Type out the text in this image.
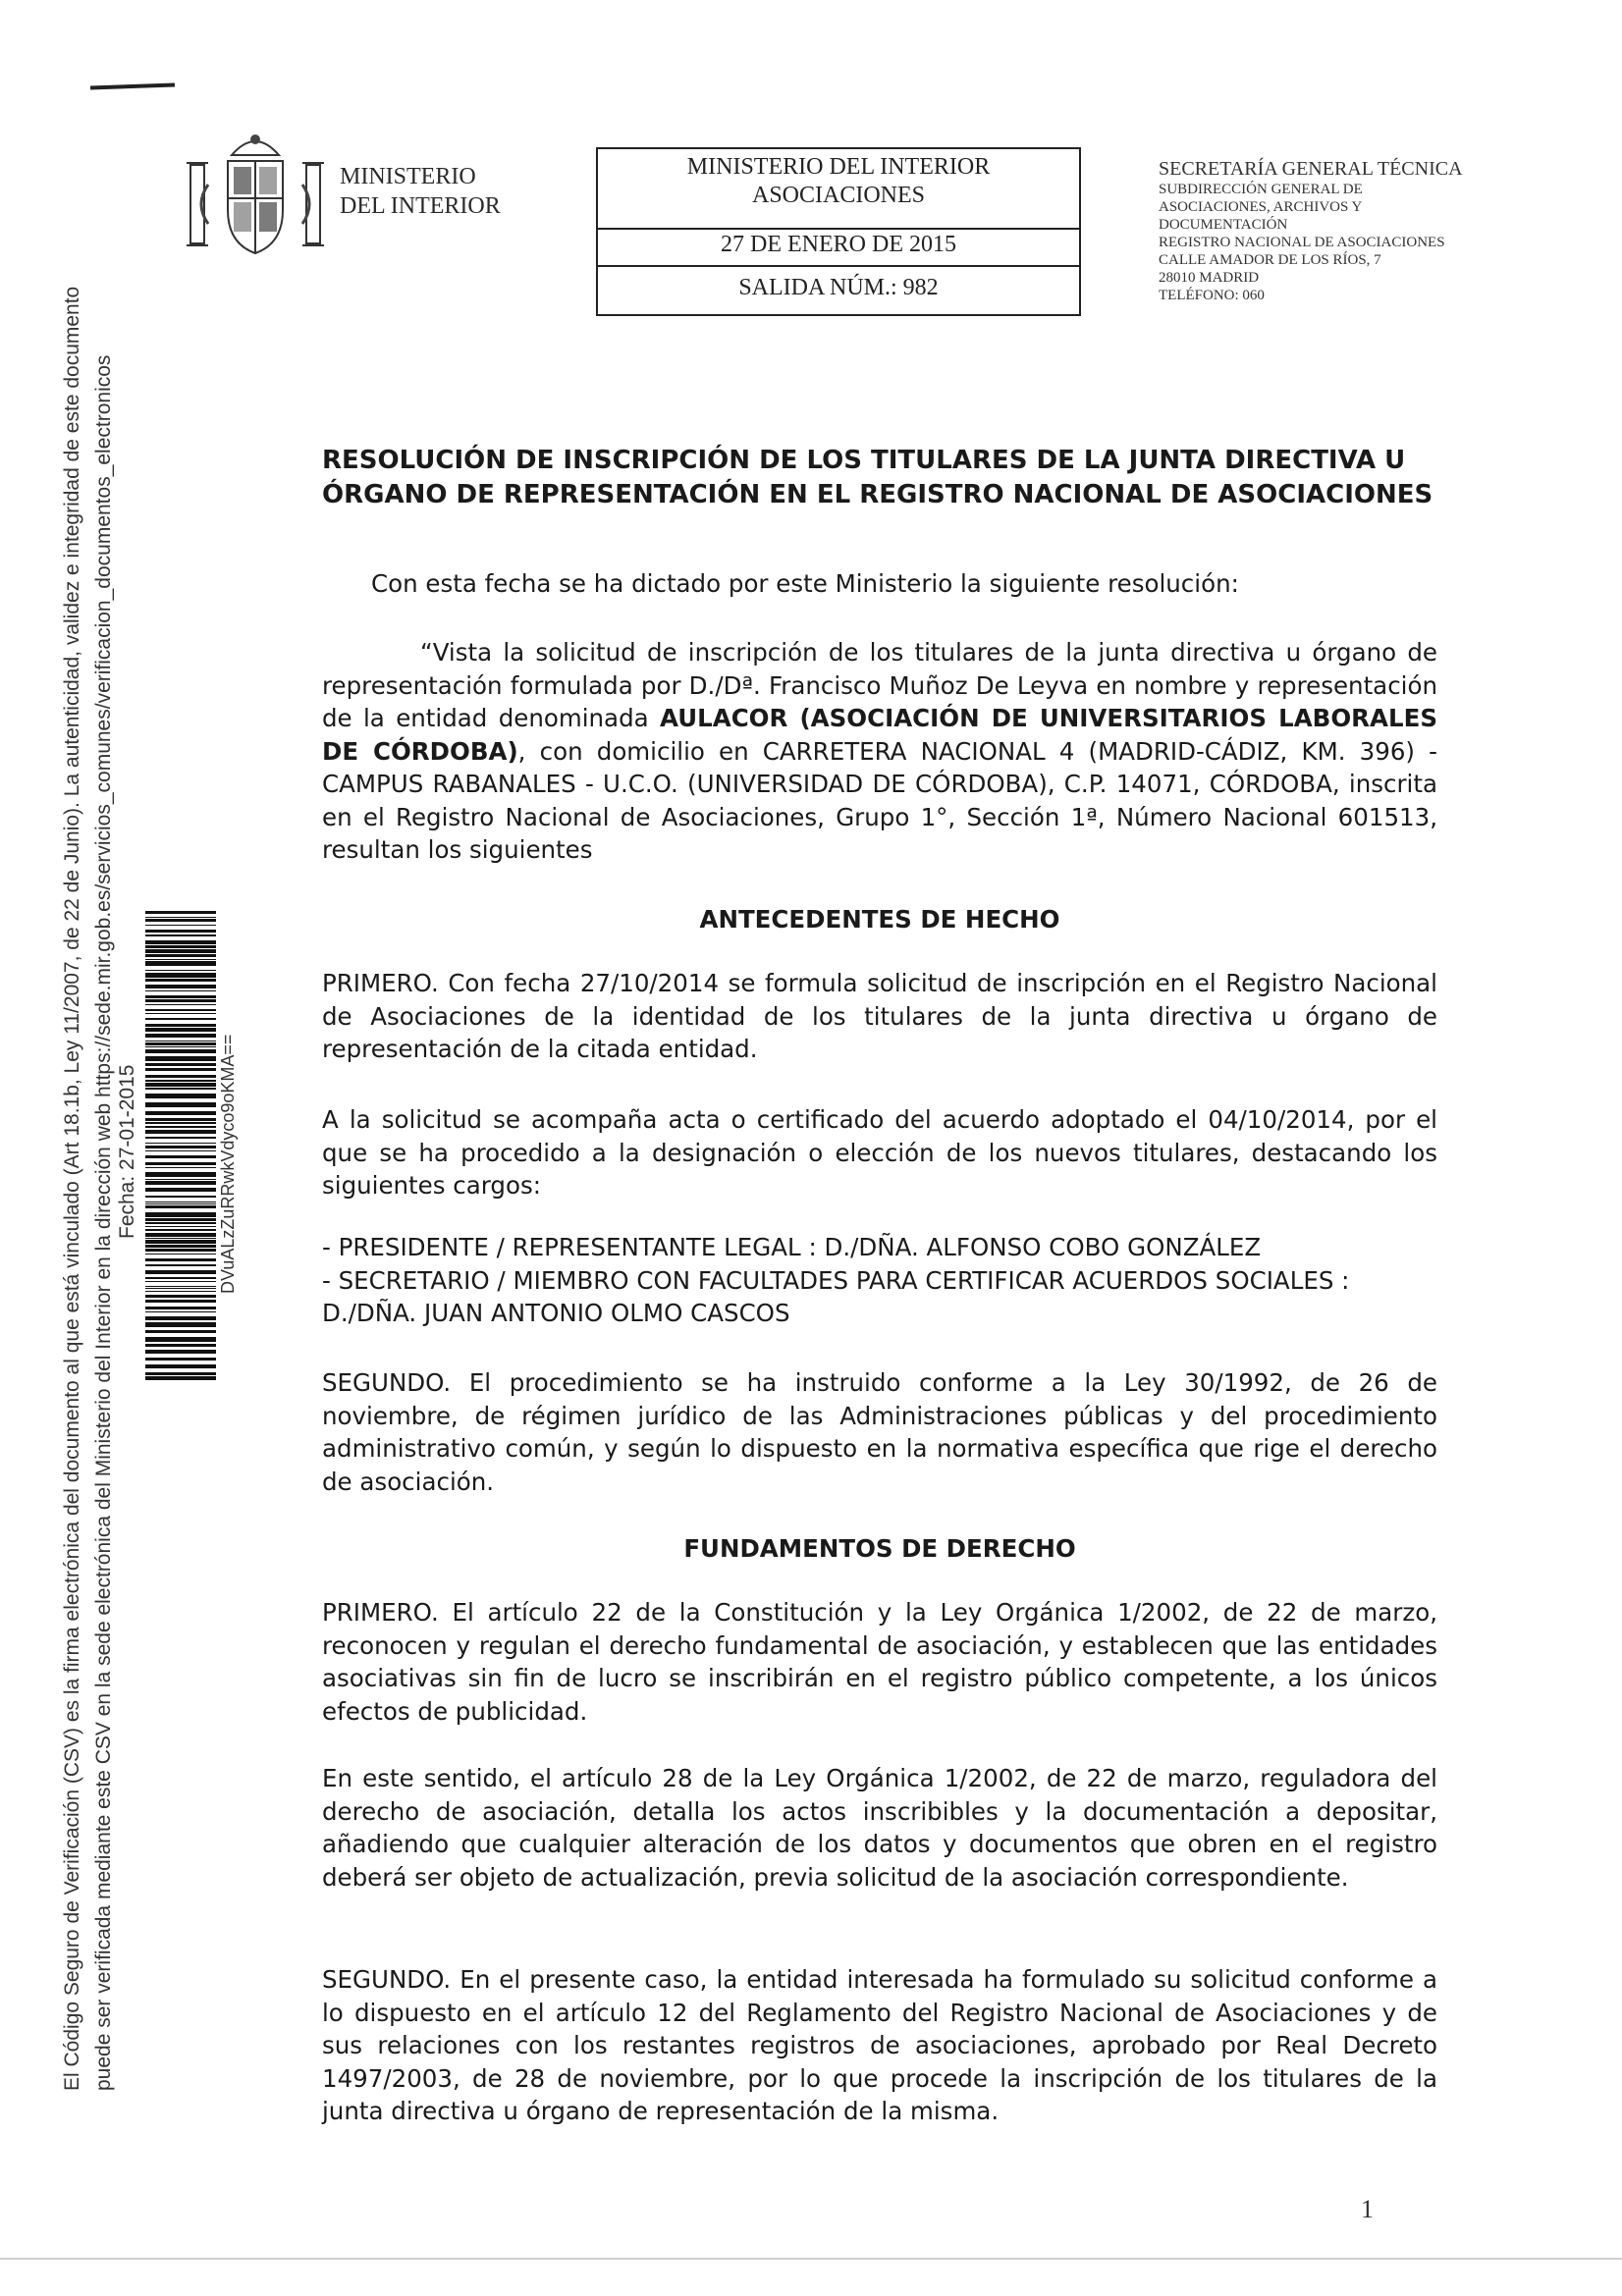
El Código Seguro de Verificación (CSV) es la firma electrónica del documento al que está vinculado (Art 18.1b, Ley 11/2007, de 22 de Junio). La autenticidad, validez e integridad de este documento puede ser verificada mediante este CSV en la sede electrónica del Ministerio del Interior en la dirección web https://sede.mir.gob.es/servicios_comunes/verificacion_documentos_electronicos Fecha: 27-01-2015	DVuALzZuRRwkVdyco9oKMA==
MINISTERIO
DEL INTERIOR
MINISTERIO DEL INTERIOR
ASOCIACIONES
27 DE ENERO DE 2015
SALIDA NÚM.: 982
SECRETARÍA GENERAL TÉCNICA
SUBDIRECCIÓN GENERAL DE
ASOCIACIONES, ARCHIVOS Y
DOCUMENTACIÓN
REGISTRO NACIONAL DE ASOCIACIONES
CALLE AMADOR DE LOS RÍOS, 7
28010 MADRID
TELÉFONO: 060
RESOLUCIÓN DE INSCRIPCIÓN DE LOS TITULARES DE LA JUNTA DIRECTIVA U
ÓRGANO DE REPRESENTACIÓN EN EL REGISTRO NACIONAL DE ASOCIACIONES
Con esta fecha se ha dictado por este Ministerio la siguiente resolución:
“Vista la solicitud de inscripción de los titulares de la junta directiva u órgano de representación formulada por D./Dª. Francisco Muñoz De Leyva en nombre y representación de la entidad denominada AULACOR (ASOCIACIÓN DE UNIVERSITARIOS LABORALES DE CÓRDOBA), con domicilio en CARRETERA NACIONAL 4 (MADRID-CÁDIZ, KM. 396) - CAMPUS RABANALES - U.C.O. (UNIVERSIDAD DE CÓRDOBA), C.P. 14071, CÓRDOBA, inscrita en el Registro Nacional de Asociaciones, Grupo 1°, Sección 1ª, Número Nacional 601513, resultan los siguientes
ANTECEDENTES DE HECHO
PRIMERO. Con fecha 27/10/2014 se formula solicitud de inscripción en el Registro Nacional de Asociaciones de la identidad de los titulares de la junta directiva u órgano de representación de la citada entidad.
A la solicitud se acompaña acta o certificado del acuerdo adoptado el 04/10/2014, por el que se ha procedido a la designación o elección de los nuevos titulares, destacando los siguientes cargos:
- PRESIDENTE / REPRESENTANTE LEGAL : D./DÑA. ALFONSO COBO GONZÁLEZ
- SECRETARIO / MIEMBRO CON FACULTADES PARA CERTIFICAR ACUERDOS SOCIALES : D./DÑA. JUAN ANTONIO OLMO CASCOS
SEGUNDO. El procedimiento se ha instruido conforme a la Ley 30/1992, de 26 de noviembre, de régimen jurídico de las Administraciones públicas y del procedimiento administrativo común, y según lo dispuesto en la normativa específica que rige el derecho de asociación.
FUNDAMENTOS DE DERECHO
PRIMERO. El artículo 22 de la Constitución y la Ley Orgánica 1/2002, de 22 de marzo, reconocen y regulan el derecho fundamental de asociación, y establecen que las entidades asociativas sin fin de lucro se inscribirán en el registro público competente, a los únicos efectos de publicidad.
En este sentido, el artículo 28 de la Ley Orgánica 1/2002, de 22 de marzo, reguladora del derecho de asociación, detalla los actos inscribibles y la documentación a depositar, añadiendo que cualquier alteración de los datos y documentos que obren en el registro deberá ser objeto de actualización, previa solicitud de la asociación correspondiente.
SEGUNDO. En el presente caso, la entidad interesada ha formulado su solicitud conforme a lo dispuesto en el artículo 12 del Reglamento del Registro Nacional de Asociaciones y de sus relaciones con los restantes registros de asociaciones, aprobado por Real Decreto 1497/2003, de 28 de noviembre, por lo que procede la inscripción de los titulares de la junta directiva u órgano de representación de la misma.
1
